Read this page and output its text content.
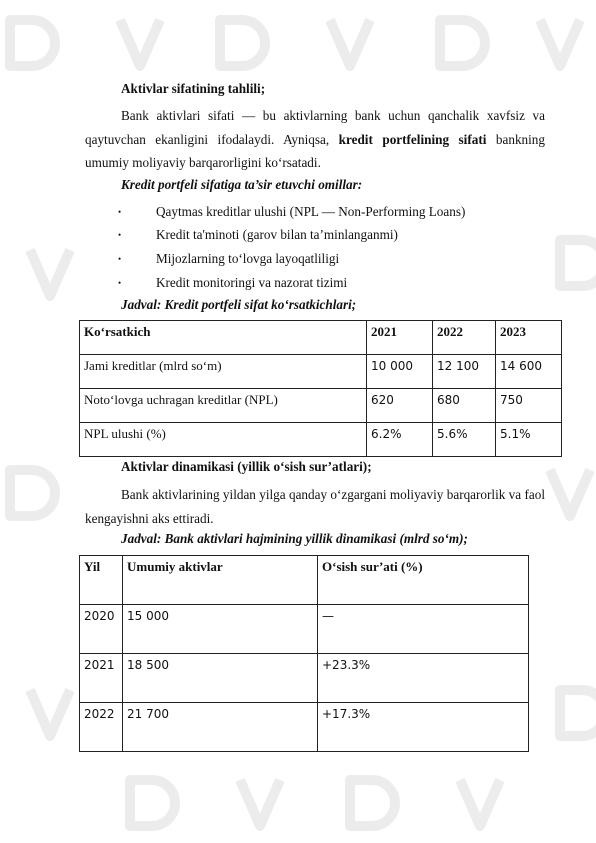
Aktivlar sifatining tahlili;
Bank aktivlari sifati — bu aktivlarning bank uchun qanchalik xavfsiz va qaytuvchan ekanligini ifodalaydi. Ayniqsa, kredit portfelining sifati bankning umumiy moliyaviy barqarorligini ko‘rsatadi.
Kredit portfeli sifatiga ta’sir etuvchi omillar:
•	Qaytmas kreditlar ulushi (NPL — Non-Performing Loans)
•	Kredit ta'minoti (garov bilan ta’minlanganmi)
•	Mijozlarning to‘lovga layoqatliligi
•	Kredit monitoringi va nazorat tizimi
Jadval: Kredit portfeli sifat ko‘rsatkichlari;
Ko‘rsatkich	2021	2022	2023
Jami kreditlar (mlrd so‘m)	10 000	12 100	14 600
Noto‘lovga uchragan kreditlar (NPL)	620	680	750
NPL ulushi (%)	6.2%	5.6%	5.1%
Aktivlar dinamikasi (yillik o‘sish sur’atlari);
Bank aktivlarining yildan yilga qanday o‘zgargani moliyaviy barqarorlik va faol kengayishni aks ettiradi.
Jadval: Bank aktivlari hajmining yillik dinamikasi (mlrd so‘m);
Yil	Umumiy aktivlar	O‘sish sur’ati (%)
2020	15 000	—
2021	18 500	+23.3%
2022	21 700	+17.3%
